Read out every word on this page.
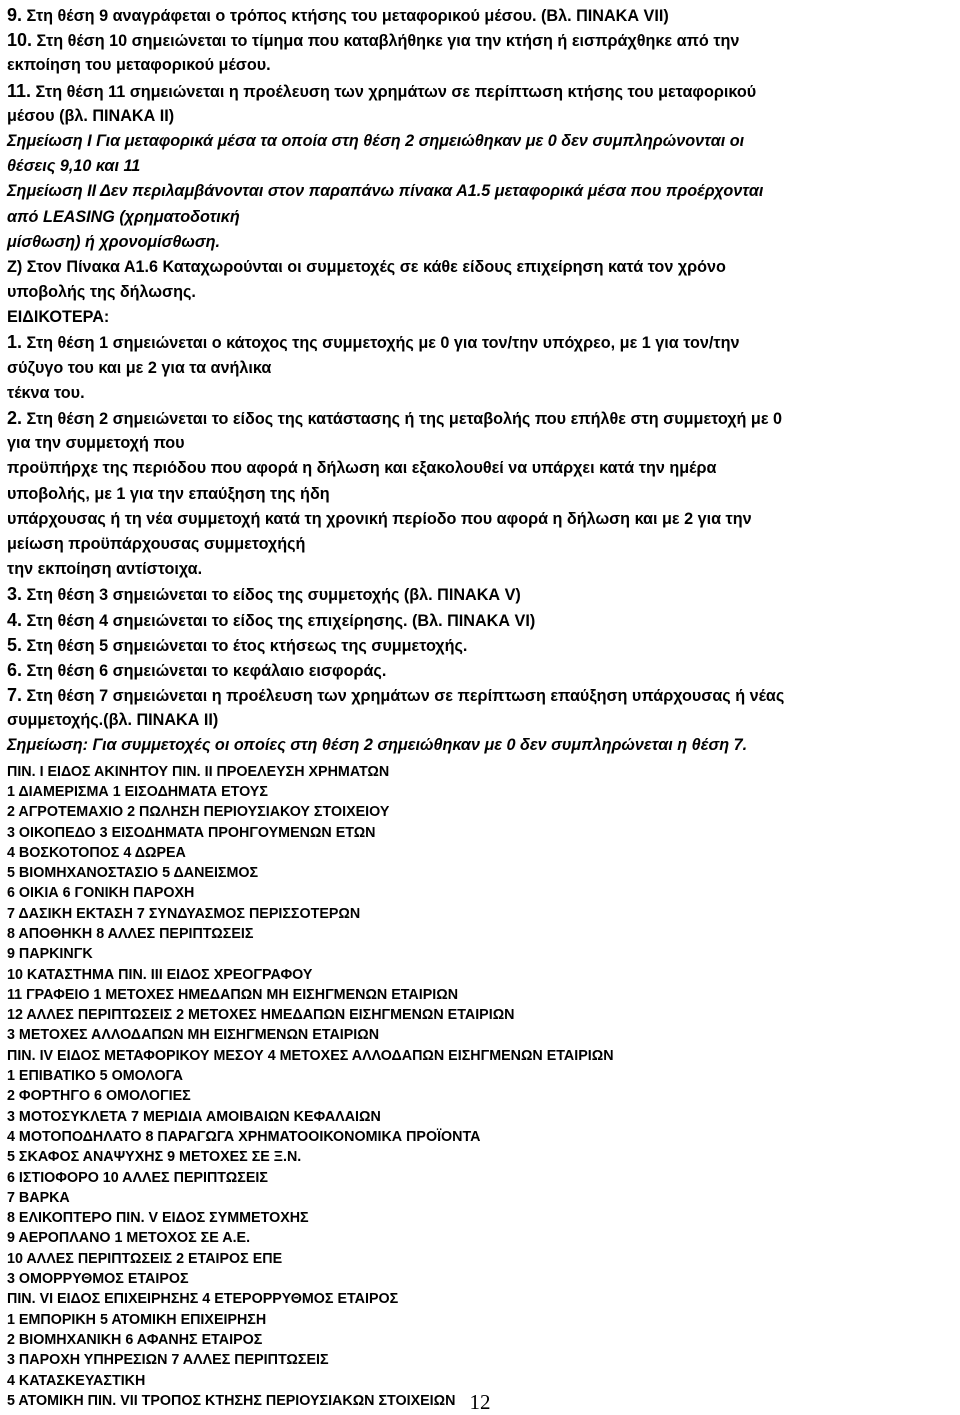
9. Στη θέση 9 αναγράφεται ο τρόπος κτήσης του μεταφορικού μέσου. (Βλ. ΠΙΝΑΚΑ VII)
10. Στη θέση 10 σημειώνεται το τίμημα που καταβλήθηκε για την κτήση ή εισπράχθηκε από την
εκποίηση του μεταφορικού μέσου.
11. Στη θέση 11 σημειώνεται η προέλευση των χρημάτων σε περίπτωση κτήσης του μεταφορικού
μέσου (βλ. ΠΙΝΑΚΑ ΙΙ)
Σημείωση Ι Για μεταφορικά μέσα τα οποία στη θέση 2 σημειώθηκαν με 0 δεν συμπληρώνονται οι
θέσεις 9,10 και 11
Σημείωση ΙΙ Δεν περιλαμβάνονται στον παραπάνω πίνακα Α1.5 μεταφορικά μέσα που προέρχονται
από LEASING (χρηματοδοτική
μίσθωση) ή χρονομίσθωση.
Ζ) Στον Πίνακα Α1.6 Καταχωρούνται οι συμμετοχές σε κάθε είδους επιχείρηση κατά τον χρόνο
υποβολής της δήλωσης.
ΕΙΔΙΚΟΤΕΡΑ:
1. Στη θέση 1 σημειώνεται ο κάτοχος της συμμετοχής με 0 για τον/την υπόχρεο, με 1 για τον/την
σύζυγο του και με 2 για τα ανήλικα
τέκνα του.
2. Στη θέση 2 σημειώνεται το είδος της κατάστασης ή της μεταβολής που επήλθε στη συμμετοχή με 0
για την συμμετοχή που
προϋπήρχε της περιόδου που αφορά η δήλωση και εξακολουθεί να υπάρχει κατά την ημέρα
υποβολής, με 1 για την επαύξηση της ήδη
υπάρχουσας ή τη νέα συμμετοχή κατά τη χρονική περίοδο που αφορά η δήλωση και με 2 για την
μείωση προϋπάρχουσας συμμετοχήςή
την εκποίηση αντίστοιχα.
3. Στη θέση 3 σημειώνεται το είδος της συμμετοχής (βλ. ΠΙΝΑΚΑ V)
4. Στη θέση 4 σημειώνεται το είδος της επιχείρησης. (Βλ. ΠΙΝΑΚΑ VI)
5. Στη θέση 5 σημειώνεται το έτος κτήσεως της συμμετοχής.
6. Στη θέση 6 σημειώνεται το κεφάλαιο εισφοράς.
7. Στη θέση 7 σημειώνεται η προέλευση των χρημάτων σε περίπτωση επαύξηση υπάρχουσας ή νέας
συμμετοχής.(βλ. ΠΙΝΑΚΑ ΙΙ)
Σημείωση: Για συμμετοχές οι οποίες στη θέση 2 σημειώθηκαν με 0 δεν συμπληρώνεται η θέση 7.
ΠΙΝ. Ι ΕΙΔΟΣ ΑΚΙΝΗΤΟΥ ΠΙΝ. ΙΙ ΠΡΟΕΛΕΥΣΗ ΧΡΗΜΑΤΩΝ
1 ΔΙΑΜΕΡΙΣΜΑ 1 ΕΙΣΟΔΗΜΑΤΑ ΕΤΟΥΣ
2 ΑΓΡΟΤΕΜΑΧΙΟ 2 ΠΩΛΗΣΗ ΠΕΡΙΟΥΣΙΑΚΟΥ ΣΤΟΙΧΕΙΟΥ
3 ΟΙΚΟΠΕΔΟ 3 ΕΙΣΟΔΗΜΑΤΑ ΠΡΟΗΓΟΥΜΕΝΩΝ ΕΤΩΝ
4 ΒΟΣΚΟΤΟΠΟΣ 4 ΔΩΡΕΑ
5 ΒΙΟΜΗΧΑΝΟΣΤΑΣΙΟ 5 ΔΑΝΕΙΣΜΟΣ
6 ΟΙΚΙΑ 6 ΓΟΝΙΚΗ ΠΑΡΟΧΗ
7 ΔΑΣΙΚΗ ΕΚΤΑΣΗ 7 ΣΥΝΔΥΑΣΜΟΣ ΠΕΡΙΣΣΟΤΕΡΩΝ
8 ΑΠΟΘΗΚΗ 8 ΑΛΛΕΣ ΠΕΡΙΠΤΩΣΕΙΣ
9 ΠΑΡΚΙΝΓΚ
10 ΚΑΤΑΣΤΗΜΑ ΠΙΝ. ΙΙΙ ΕΙΔΟΣ ΧΡΕΟΓΡΑΦΟΥ
11 ΓΡΑΦΕΙΟ 1 ΜΕΤΟΧΕΣ ΗΜΕΔΑΠΩΝ ΜΗ ΕΙΣΗΓΜΕΝΩΝ ΕΤΑΙΡΙΩΝ
12 ΑΛΛΕΣ ΠΕΡΙΠΤΩΣΕΙΣ 2 ΜΕΤΟΧΕΣ ΗΜΕΔΑΠΩΝ ΕΙΣΗΓΜΕΝΩΝ ΕΤΑΙΡΙΩΝ
3 ΜΕΤΟΧΕΣ ΑΛΛΟΔΑΠΩΝ ΜΗ ΕΙΣΗΓΜΕΝΩΝ ΕΤΑΙΡΙΩΝ
ΠΙΝ. IV ΕΙΔΟΣ ΜΕΤΑΦΟΡΙΚΟΥ ΜΕΣΟΥ 4 ΜΕΤΟΧΕΣ ΑΛΛΟΔΑΠΩΝ ΕΙΣΗΓΜΕΝΩΝ ΕΤΑΙΡΙΩΝ
1 ΕΠΙΒΑΤΙΚΟ 5 ΟΜΟΛΟΓΑ
2 ΦΟΡΤΗΓΟ 6 ΟΜΟΛΟΓΙΕΣ
3 ΜΟΤΟΣΥΚΛΕΤΑ 7 ΜΕΡΙΔΙΑ ΑΜΟΙΒΑΙΩΝ ΚΕΦΑΛΑΙΩΝ
4 ΜΟΤΟΠΟΔΗΛΑΤΟ 8 ΠΑΡΑΓΩΓΑ ΧΡΗΜΑΤΟΟΙΚΟΝΟΜΙΚΑ ΠΡΟΪΟΝΤΑ
5 ΣΚΑΦΟΣ ΑΝΑΨΥΧΗΣ 9 ΜΕΤΟΧΕΣ ΣΕ Ξ.Ν.
6 ΙΣΤΙΟΦΟΡΟ 10 ΑΛΛΕΣ ΠΕΡΙΠΤΩΣΕΙΣ
7 ΒΑΡΚΑ
8 ΕΛΙΚΟΠΤΕΡΟ ΠΙΝ. V ΕΙΔΟΣ ΣΥΜΜΕΤΟΧΗΣ
9 ΑΕΡΟΠΛΑΝΟ 1 ΜΕΤΟΧΟΣ ΣΕ Α.Ε.
10 ΑΛΛΕΣ ΠΕΡΙΠΤΩΣΕΙΣ 2 ΕΤΑΙΡΟΣ ΕΠΕ
3 ΟΜΟΡΡΥΘΜΟΣ ΕΤΑΙΡΟΣ
ΠΙΝ. VI ΕΙΔΟΣ ΕΠΙΧΕΙΡΗΣΗΣ 4 ΕΤΕΡΟΡΡΥΘΜΟΣ ΕΤΑΙΡΟΣ
1 ΕΜΠΟΡΙΚΗ 5 ΑΤΟΜΙΚΗ ΕΠΙΧΕΙΡΗΣΗ
2 ΒΙΟΜΗΧΑΝΙΚΗ 6 ΑΦΑΝΗΣ ΕΤΑΙΡΟΣ
3 ΠΑΡΟΧΗ ΥΠΗΡΕΣΙΩΝ 7 ΑΛΛΕΣ ΠΕΡΙΠΤΩΣΕΙΣ
4 ΚΑΤΑΣΚΕΥΑΣΤΙΚΗ
5 ΑΤΟΜΙΚΗ ΠΙΝ. VII ΤΡΟΠΟΣ ΚΤΗΣΗΣ ΠΕΡΙΟΥΣΙΑΚΩΝ ΣΤΟΙΧΕΙΩΝ 12
